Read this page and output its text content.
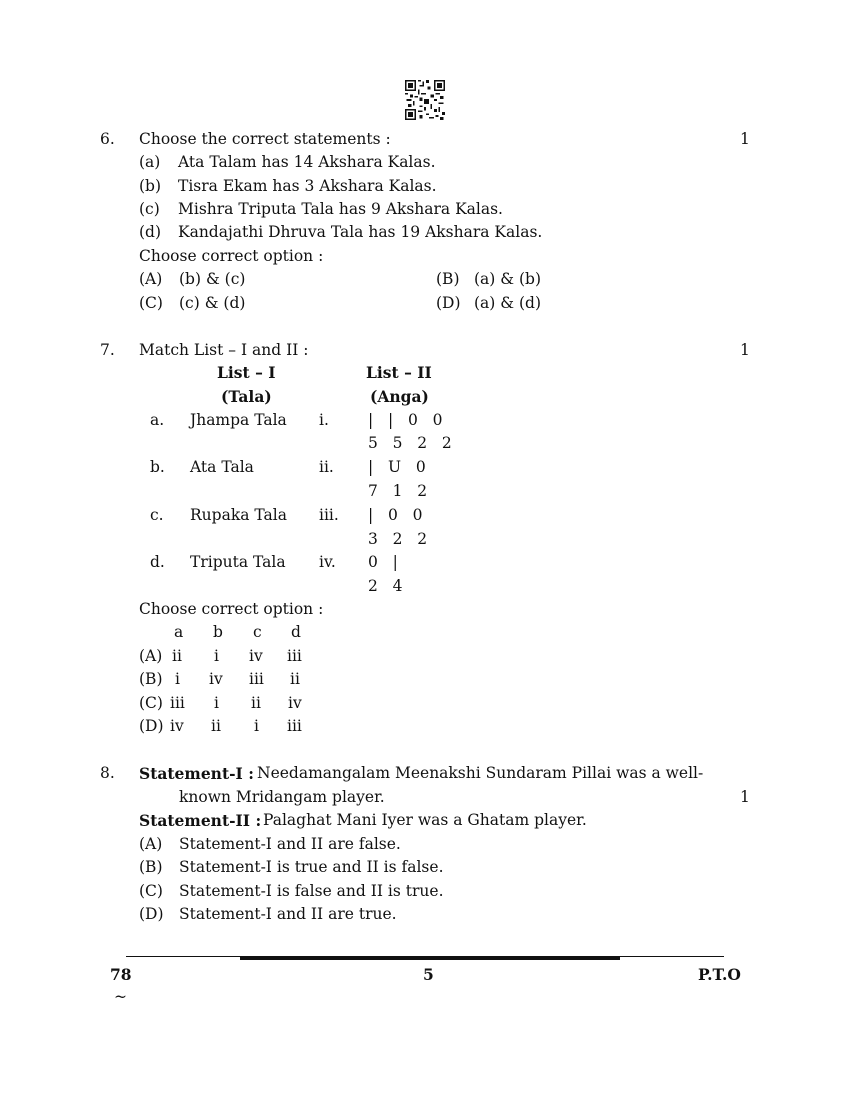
6. Choose the correct statements :	1
(a) Ata Talam has 14 Akshara Kalas.
(b) Tisra Ekam has 3 Akshara Kalas.
(c) Mishra Triputa Tala has 9 Akshara Kalas.
(d) Kandajathi Dhruva Tala has 19 Akshara Kalas.
Choose correct option :
(A) (b) & (c)	(B) (a) & (b)
(C) (c) & (d)	(D) (a) & (d)
7. Match List – I and II :	1
List – I
(Tala)
List – II
(Anga)
a. Jhampa Tala i.	|   |   0   0
5   5   2   2
b. Ata Tala	ii. |   U   0
7   1   2
c. Rupaka Tala iii. |   0   0
3   2   2
d. Triputa Tala iv. 0   |
2   4
Choose correct option :
a b c d
(A) ii i iv iii
(B) i iv iii ii
(C) iii i ii iv
(D) iv ii i iii
8. Statement-I : Needamangalam Meenakshi Sundaram Pillai was a well-
known Mridangam player.	1
Statement-II : Palaghat Mani Iyer was a Ghatam player.
(A) Statement-I and II are false.
(B) Statement-I is true and II is false.
(C) Statement-I is false and II is true.
(D) Statement-I and II are true.
78	5	P.T.O
~
